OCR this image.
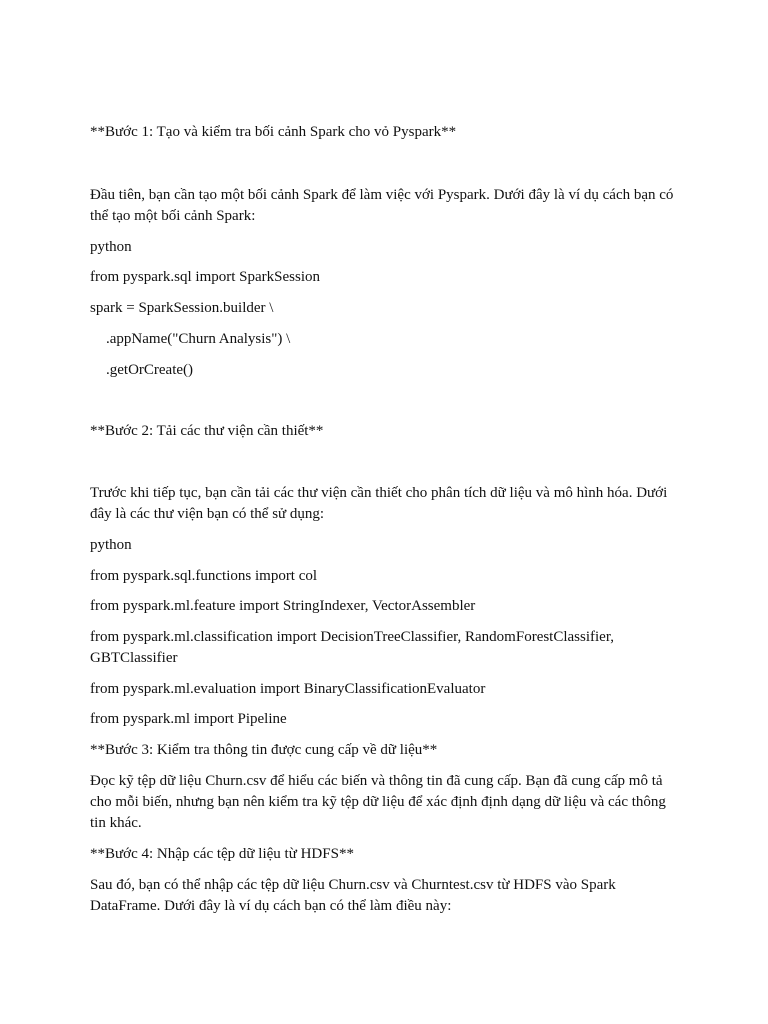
**Bước 1: Tạo và kiểm tra bối cảnh Spark cho vỏ Pyspark**

Đầu tiên, bạn cần tạo một bối cảnh Spark để làm việc với Pyspark. Dưới đây là ví dụ cách bạn có

thể tạo một bối cảnh Spark:

python

from pyspark.sql import SparkSession

spark = SparkSession.builder \

.appName("Churn Analysis") \

.getOrCreate()

**Bước 2: Tải các thư viện cần thiết**

Trước khi tiếp tục, bạn cần tải các thư viện cần thiết cho phân tích dữ liệu và mô hình hóa. Dưới

đây là các thư viện bạn có thể sử dụng:

python

from pyspark.sql.functions import col

from pyspark.ml.feature import StringIndexer, VectorAssembler

from pyspark.ml.classification import DecisionTreeClassifier, RandomForestClassifier,

GBTClassifier

from pyspark.ml.evaluation import BinaryClassificationEvaluator

from pyspark.ml import Pipeline

**Bước 3: Kiểm tra thông tin được cung cấp về dữ liệu**

Đọc kỹ tệp dữ liệu Churn.csv để hiểu các biến và thông tin đã cung cấp. Bạn đã cung cấp mô tả

cho mỗi biến, nhưng bạn nên kiểm tra kỹ tệp dữ liệu để xác định định dạng dữ liệu và các thông

tin khác.

**Bước 4: Nhập các tệp dữ liệu từ HDFS**

Sau đó, bạn có thể nhập các tệp dữ liệu Churn.csv và Churntest.csv từ HDFS vào Spark

DataFrame. Dưới đây là ví dụ cách bạn có thể làm điều này:
